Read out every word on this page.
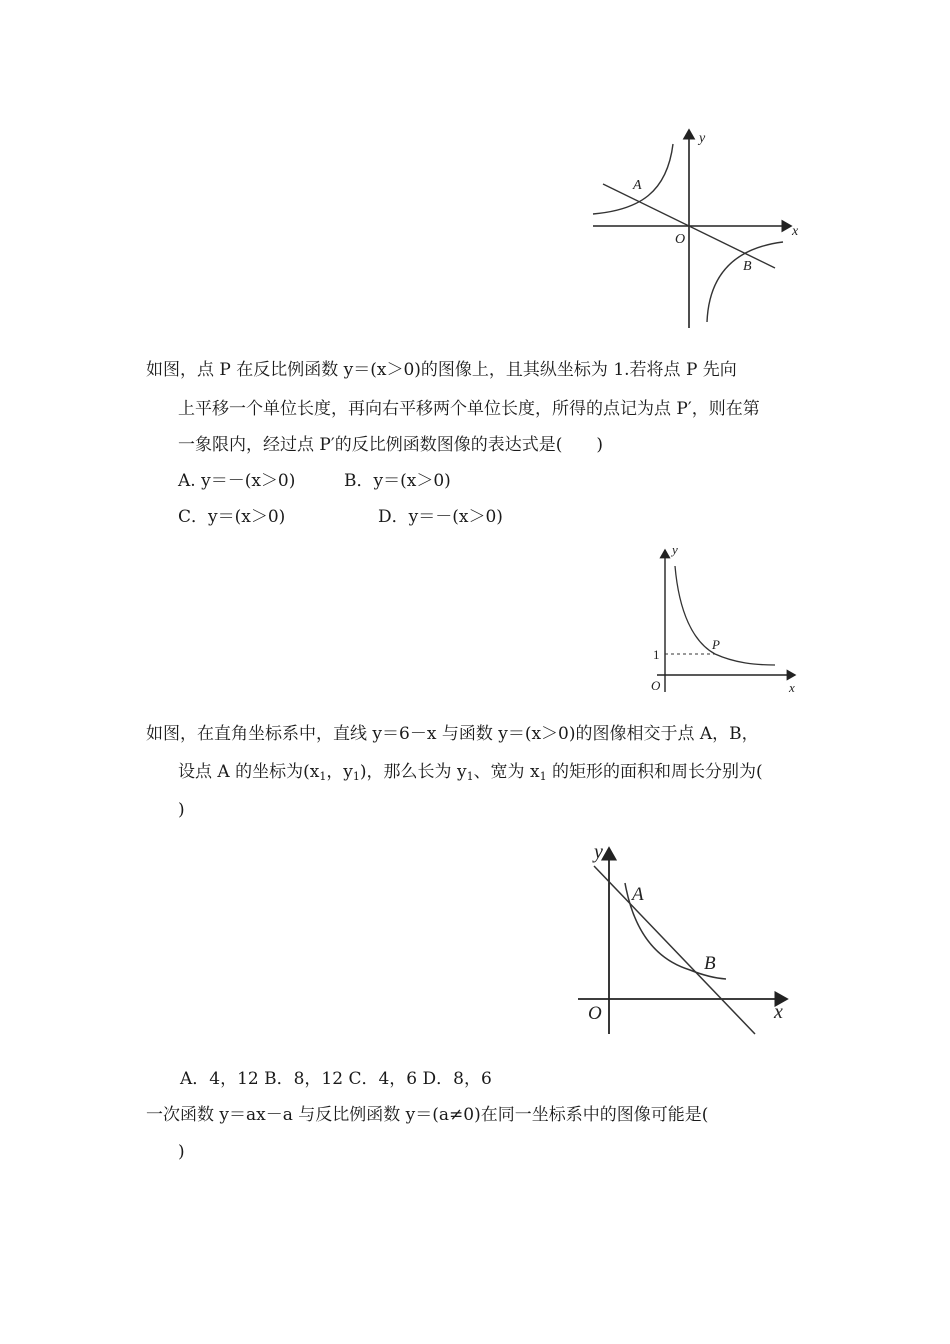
y
x
O
A
B
如图，点 P 在反比例函数 y＝(x＞0)的图像上，且其纵坐标为 1.若将点 P 先向
上平移一个单位长度，再向右平移两个单位长度，所得的点记为点 P′，则在第
一象限内，经过点 P′的反比例函数图像的表达式是(　　)
A. y＝－(x＞0)	B．y＝(x＞0)
C．y＝(x＞0)	D．y＝－(x＞0)
y
x
O
P
1
如图，在直角坐标系中，直线 y＝6－x 与函数 y＝(x＞0)的图像相交于点 A，B，
设点 A 的坐标为($x_1$，$y_1$)，那么长为 $y_1$、宽为 $x_1$ 的矩形的面积和周长分别为(
)
y
x
O
A
B
A．4，12 B．8，12 C．4，6 D．8，6
一次函数 y＝ax－a 与反比例函数 y＝(a≠0)在同一坐标系中的图像可能是(
)
